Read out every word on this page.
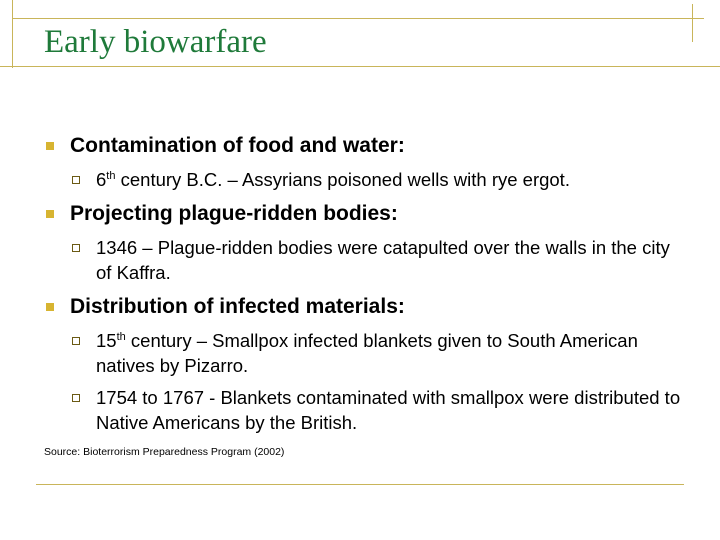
Early biowarfare
Contamination of food and water:
6th century B.C. – Assyrians poisoned wells with rye ergot.
Projecting plague-ridden bodies:
1346 – Plague-ridden bodies were catapulted over the walls in the city of Kaffra.
Distribution of infected materials:
15th century – Smallpox infected blankets given to South American natives by Pizarro.
1754 to 1767 - Blankets contaminated with smallpox were distributed to Native Americans by the British.
Source: Bioterrorism Preparedness Program (2002)
